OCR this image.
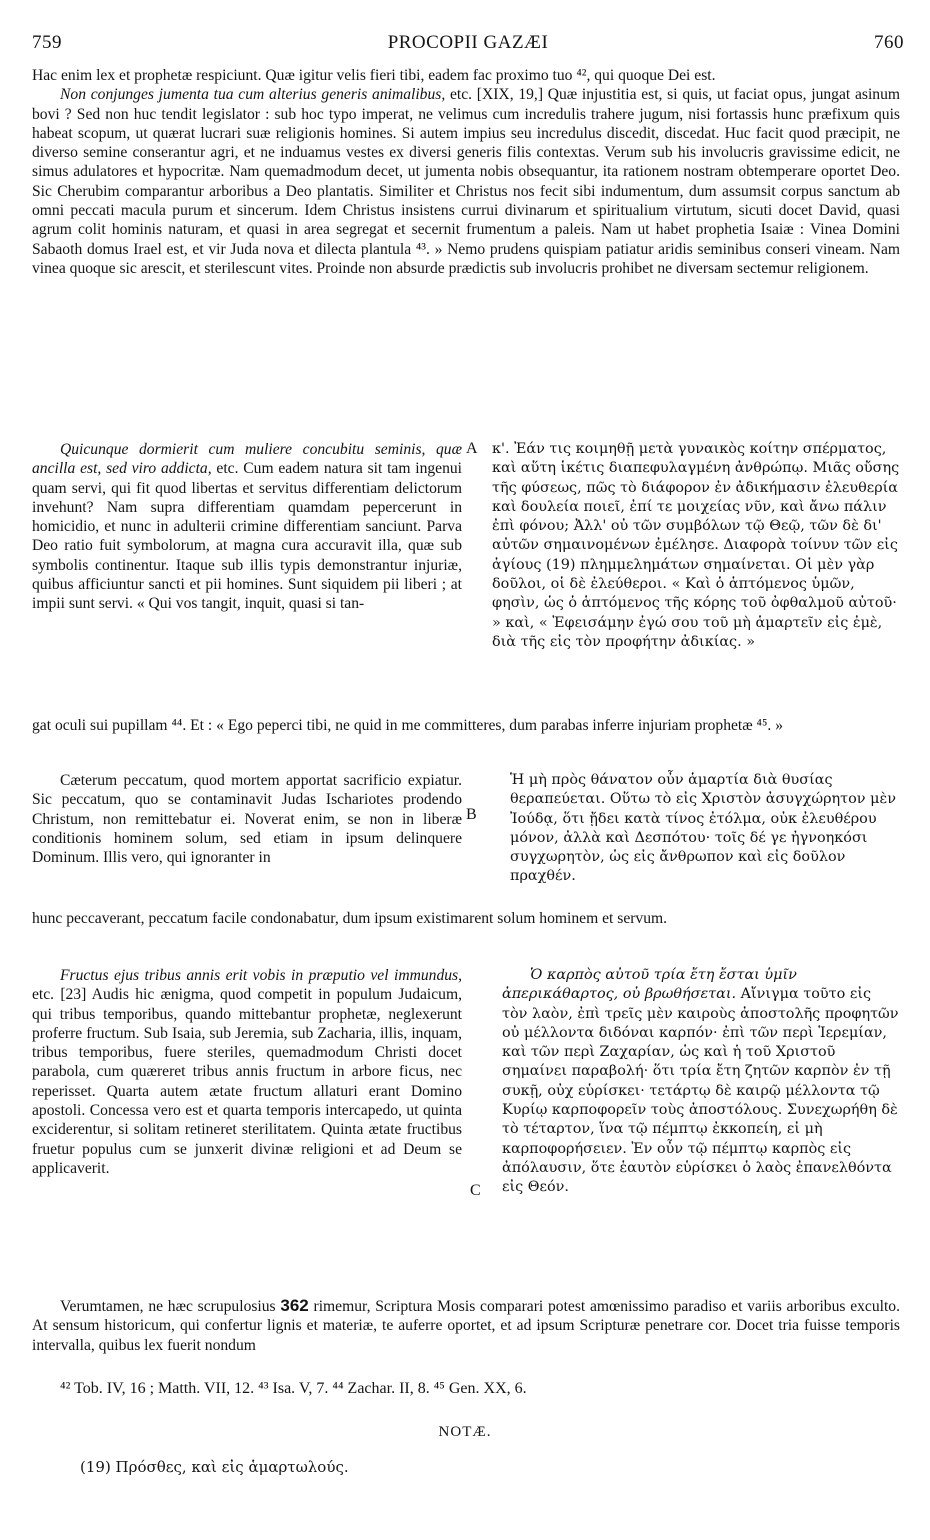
759	PROCOPII GAZÆI	760

Hac enim lex et prophetæ respiciunt. Quæ igitur velis fieri tibi, eadem fac proximo tuo ⁴², qui quoque Dei est.

Non conjunges jumenta tua cum alterius generis animalibus, etc. [XIX, 19,] Quæ injustitia est, si quis, ut faciat opus, jungat asinum bovi ? Sed non huc tendit legislator : sub hoc typo imperat, ne velimus cum incredulis trahere jugum, nisi fortassis hunc præfixum quis habeat scopum, ut quærat lucrari suæ religionis homines. Si autem impius seu incredulus discedit, discedat. Huc facit quod præcipit, ne diverso semine conserantur agri, et ne induamus vestes ex diversi generis filis contextas. Verum sub his involucris gravissime edicit, ne simus adulatores et hypocritæ. Nam quemadmodum decet, ut jumenta nobis obsequantur, ita rationem nostram obtemperare oportet Deo. Sic Cherubim comparantur arboribus a Deo plantatis. Similiter et Christus nos fecit sibi indumentum, dum assumsit corpus sanctum ab omni peccati macula purum et sincerum. Idem Christus insistens currui divinarum et spiritualium virtutum, sicuti docet David, quasi agrum colit hominis naturam, et quasi in area segregat et secernit frumentum a paleis. Nam ut habet prophetia Isaiæ : Vinea Domini Sabaoth domus Irael est, et vir Juda nova et dilecta plantula ⁴³. » Nemo prudens quispiam patiatur aridis seminibus conseri vineam. Nam vinea quoque sic arescit, et sterilescunt vites. Proinde non absurde prædictis sub involucris prohibet ne diversam sectemur religionem.

Quicunque dormierit cum muliere concubitu seminis, quæ ancilla est, sed viro addicta, etc. Cum eadem natura sit tam ingenui quam servi, qui fit quod libertas et servitus differentiam delictorum invehunt? Nam supra differentiam quamdam pepercerunt in homicidio, et nunc in adulterii crimine differentiam sanciunt. Parva Deo ratio fuit symbolorum, at magna cura accuravit illa, quæ sub symbolis continentur. Itaque sub illis typis demonstrantur injuriæ, quibus afficiuntur sancti et pii homines. Sunt siquidem pii liberi ; at impii sunt servi. « Qui vos tangit, inquit, quasi si tan-

A κ'. Ἐάν τις κοιμηθῇ μετὰ γυναικὸς κοίτην σπέρματος, καὶ αὕτη ἱκέτις διαπεφυλαγμένη ἀνθρώπῳ. Μιᾶς οὔσης τῆς φύσεως, πῶς τὸ διάφορον ἐν ἀδικήμασιν ἐλευθερία καὶ δουλεία ποιεῖ, ἐπί τε μοιχείας νῦν, καὶ ἄνω πάλιν ἐπὶ φόνου; Ἀλλ' οὐ τῶν συμβόλων τῷ Θεῷ, τῶν δὲ δι' αὐτῶν σημαινομένων ἐμέλησε. Διαφορὰ τοίνυν τῶν εἰς ἁγίους (19) πλημμελημάτων σημαίνεται. Οἱ μὲν γὰρ δοῦλοι, οἱ δὲ ἐλεύθεροι. « Καὶ ὁ ἁπτόμενος ὑμῶν, φησὶν, ὡς ὁ ἁπτόμενος τῆς κόρης τοῦ ὀφθαλμοῦ αὐτοῦ· » καὶ, « Ἐφεισάμην ἐγώ σου τοῦ μὴ ἁμαρτεῖν εἰς ἐμὲ, διὰ τῆς εἰς τὸν προφήτην ἀδικίας. »
gat oculi sui pupillam ⁴⁴. Et : « Ego peperci tibi, ne quid in me committeres, dum parabas inferre injuriam prophetæ ⁴⁵. »

Cæterum peccatum, quod mortem apportat sacrificio expiatur. Sic peccatum, quo se contaminavit Judas Ischariotes prodendo Christum, non remittebatur ei. Noverat enim, se non in liberæ conditionis hominem solum, sed etiam in ipsum delinquere Dominum. Illis vero, qui ignoranter in

B
Ἡ μὴ πρὸς θάνατον οὖν ἁμαρτία διὰ θυσίας θεραπεύεται. Οὕτω τὸ εἰς Χριστὸν ἀσυγχώρητον μὲν Ἰούδᾳ, ὅτι ᾔδει κατὰ τίνος ἐτόλμα, οὐκ ἐλευθέρου μόνον, ἀλλὰ καὶ Δεσπότου· τοῖς δέ γε ἠγνοηκόσι συγχωρητὸν, ὡς εἰς ἄνθρωπον καὶ εἰς δοῦλον πραχθέν.
hunc peccaverant, peccatum facile condonabatur, dum ipsum existimarent solum hominem et servum.

Fructus ejus tribus annis erit vobis in præputio vel immundus, etc. [23] Audis hic ænigma, quod competit in populum Judaicum, qui tribus temporibus, quando mittebantur prophetæ, neglexerunt proferre fructum. Sub Isaia, sub Jeremia, sub Zacharia, illis, inquam, tribus temporibus, fuere steriles, quemadmodum Christi docet parabola, cum quæreret tribus annis fructum in arbore ficus, nec reperisset. Quarta autem ætate fructum allaturi erant Domino apostoli. Concessa vero est et quarta temporis intercapedo, ut quinta exciderentur, si solitam retineret sterilitatem. Quinta ætate fructibus fruetur populus cum se junxerit divinæ religioni et ad Deum se applicaverit.

C

Ὁ καρπὸς αὐτοῦ τρία ἔτη ἔσται ὑμῖν ἀπερικάθαρτος, οὐ βρωθήσεται. Αἴνιγμα τοῦτο εἰς τὸν λαὸν, ἐπὶ τρεῖς μὲν καιροὺς ἀποστολῆς προφητῶν οὐ μέλλοντα διδόναι καρπόν· ἐπὶ τῶν περὶ Ἱερεμίαν, καὶ τῶν περὶ Ζαχαρίαν, ὡς καὶ ἡ τοῦ Χριστοῦ σημαίνει παραβολή· ὅτι τρία ἔτη ζητῶν καρπὸν ἐν τῇ συκῇ, οὐχ εὑρίσκει· τετάρτῳ δὲ καιρῷ μέλλοντα τῷ Κυρίῳ καρποφορεῖν τοὺς ἀποστόλους. Συνεχωρήθη δὲ τὸ τέταρτον, ἵνα τῷ πέμπτῳ ἐκκοπείη, εἰ μὴ καρποφορήσειεν. Ἐν οὖν τῷ πέμπτῳ καρπὸς εἰς ἀπόλαυσιν, ὅτε ἑαυτὸν εὑρίσκει ὁ λαὸς ἐπανελθόντα εἰς Θεόν.

Verumtamen, ne hæc scrupulosius 362 rimemur, Scriptura Mosis comparari potest amœnissimo paradiso et variis arboribus exculto. At sensum historicum, qui confertur lignis et materiæ, te auferre oportet, et ad ipsum Scripturæ penetrare cor. Docet tria fuisse temporis intervalla, quibus lex fuerit nondum

⁴² Tob. IV, 16 ; Matth. VII, 12. ⁴³ Isa. V, 7. ⁴⁴ Zachar. II, 8. ⁴⁵ Gen. XX, 6.
NOTÆ.
(19) Πρόσθες, καὶ εἰς ἁμαρτωλούς.
